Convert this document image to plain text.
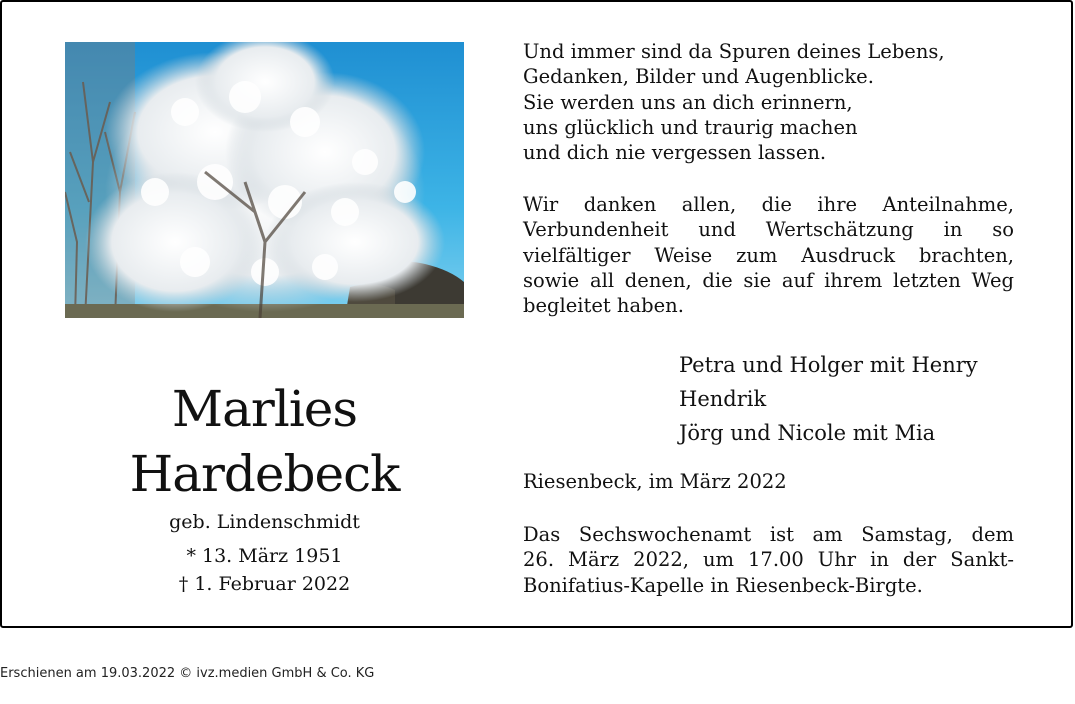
Marlies
Hardebeck
geb. Lindenschmidt
* 13. März 1951
† 1. Februar 2022
Und immer sind da Spuren deines Lebens,
Gedanken, Bilder und Augenblicke.
Sie werden uns an dich erinnern,
uns glücklich und traurig machen
und dich nie vergessen lassen.
Wir danken allen, die ihre Anteilnahme,
Verbundenheit und Wertschätzung in so
vielfältiger Weise zum Ausdruck brachten,
sowie all denen, die sie auf ihrem letzten Weg
begleitet haben.
Petra und Holger mit Henry
Hendrik
Jörg und Nicole mit Mia
Riesenbeck, im März 2022
Das Sechswochenamt ist am Samstag, dem
26. März 2022, um 17.00 Uhr in der Sankt-
Bonifatius-Kapelle in Riesenbeck-Birgte.
Erschienen am 19.03.2022 © ivz.medien GmbH & Co. KG
